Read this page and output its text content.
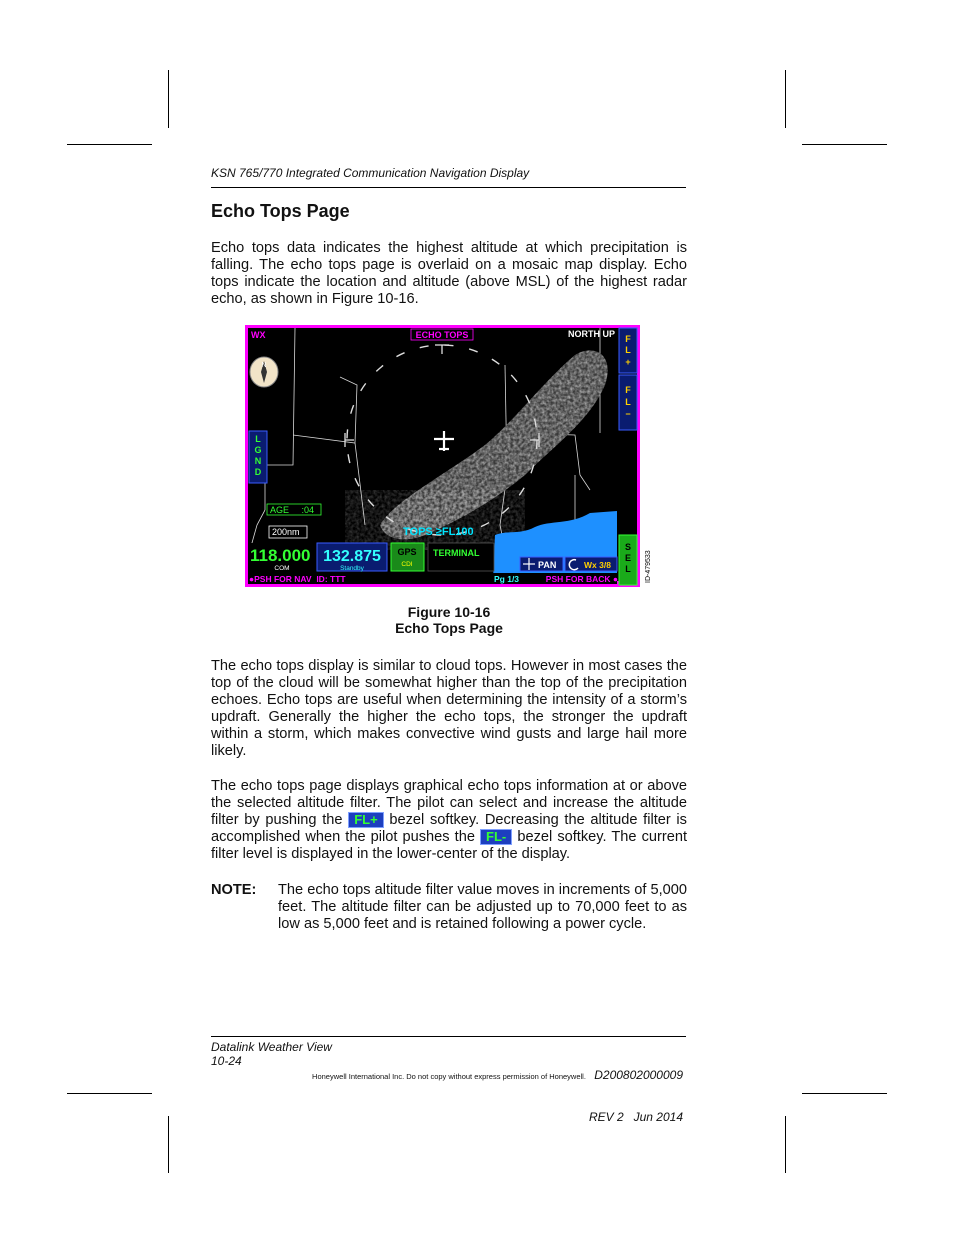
KSN 765/770 Integrated Communication Navigation Display
Echo Tops Page
Echo tops data indicates the highest altitude at which precipitation is falling. The echo tops page is overlaid on a mosaic map display. Echo tops indicate the location and altitude (above MSL) of the highest radar echo, as shown in Figure 10-16.
N
WX	ECHO TOPS	NORTH UP F
L
+
F
L
−
L
G
N
D
AGE     :04
200nm	TOPS ≥FL100
118.000
COM
132.875
Standby
GPS
CDI
TERMINAL
PAN	Wx 3/8
S
E
L
●PSH FOR NAV  ID: TTT	Pg 1/3	PSH FOR BACK ●	ID-479533
Figure 10-16
Echo Tops Page
The echo tops display is similar to cloud tops. However in most cases the top of the cloud will be somewhat higher than the top of the precipitation echoes. Echo tops are useful when determining the intensity of a storm’s updraft. Generally the higher the echo tops, the stronger the updraft within a storm, which makes convective wind gusts and large hail more likely.
The echo tops page displays graphical echo tops information at or above the selected altitude filter. The pilot can select and increase the altitude filter by pushing the FL+ bezel softkey. Decreasing the altitude filter is accomplished when the pilot pushes the FL- bezel softkey. The current filter level is displayed in the lower-center of the display.
NOTE: The echo tops altitude filter value moves in increments of 5,000 feet. The altitude filter can be adjusted up to 70,000 feet to as low as 5,000 feet and is retained following a power cycle.
Datalink Weather View
10-24

D200802000009

REV 2   Jun 2014

Honeywell International Inc. Do not copy without express permission of Honeywell.
